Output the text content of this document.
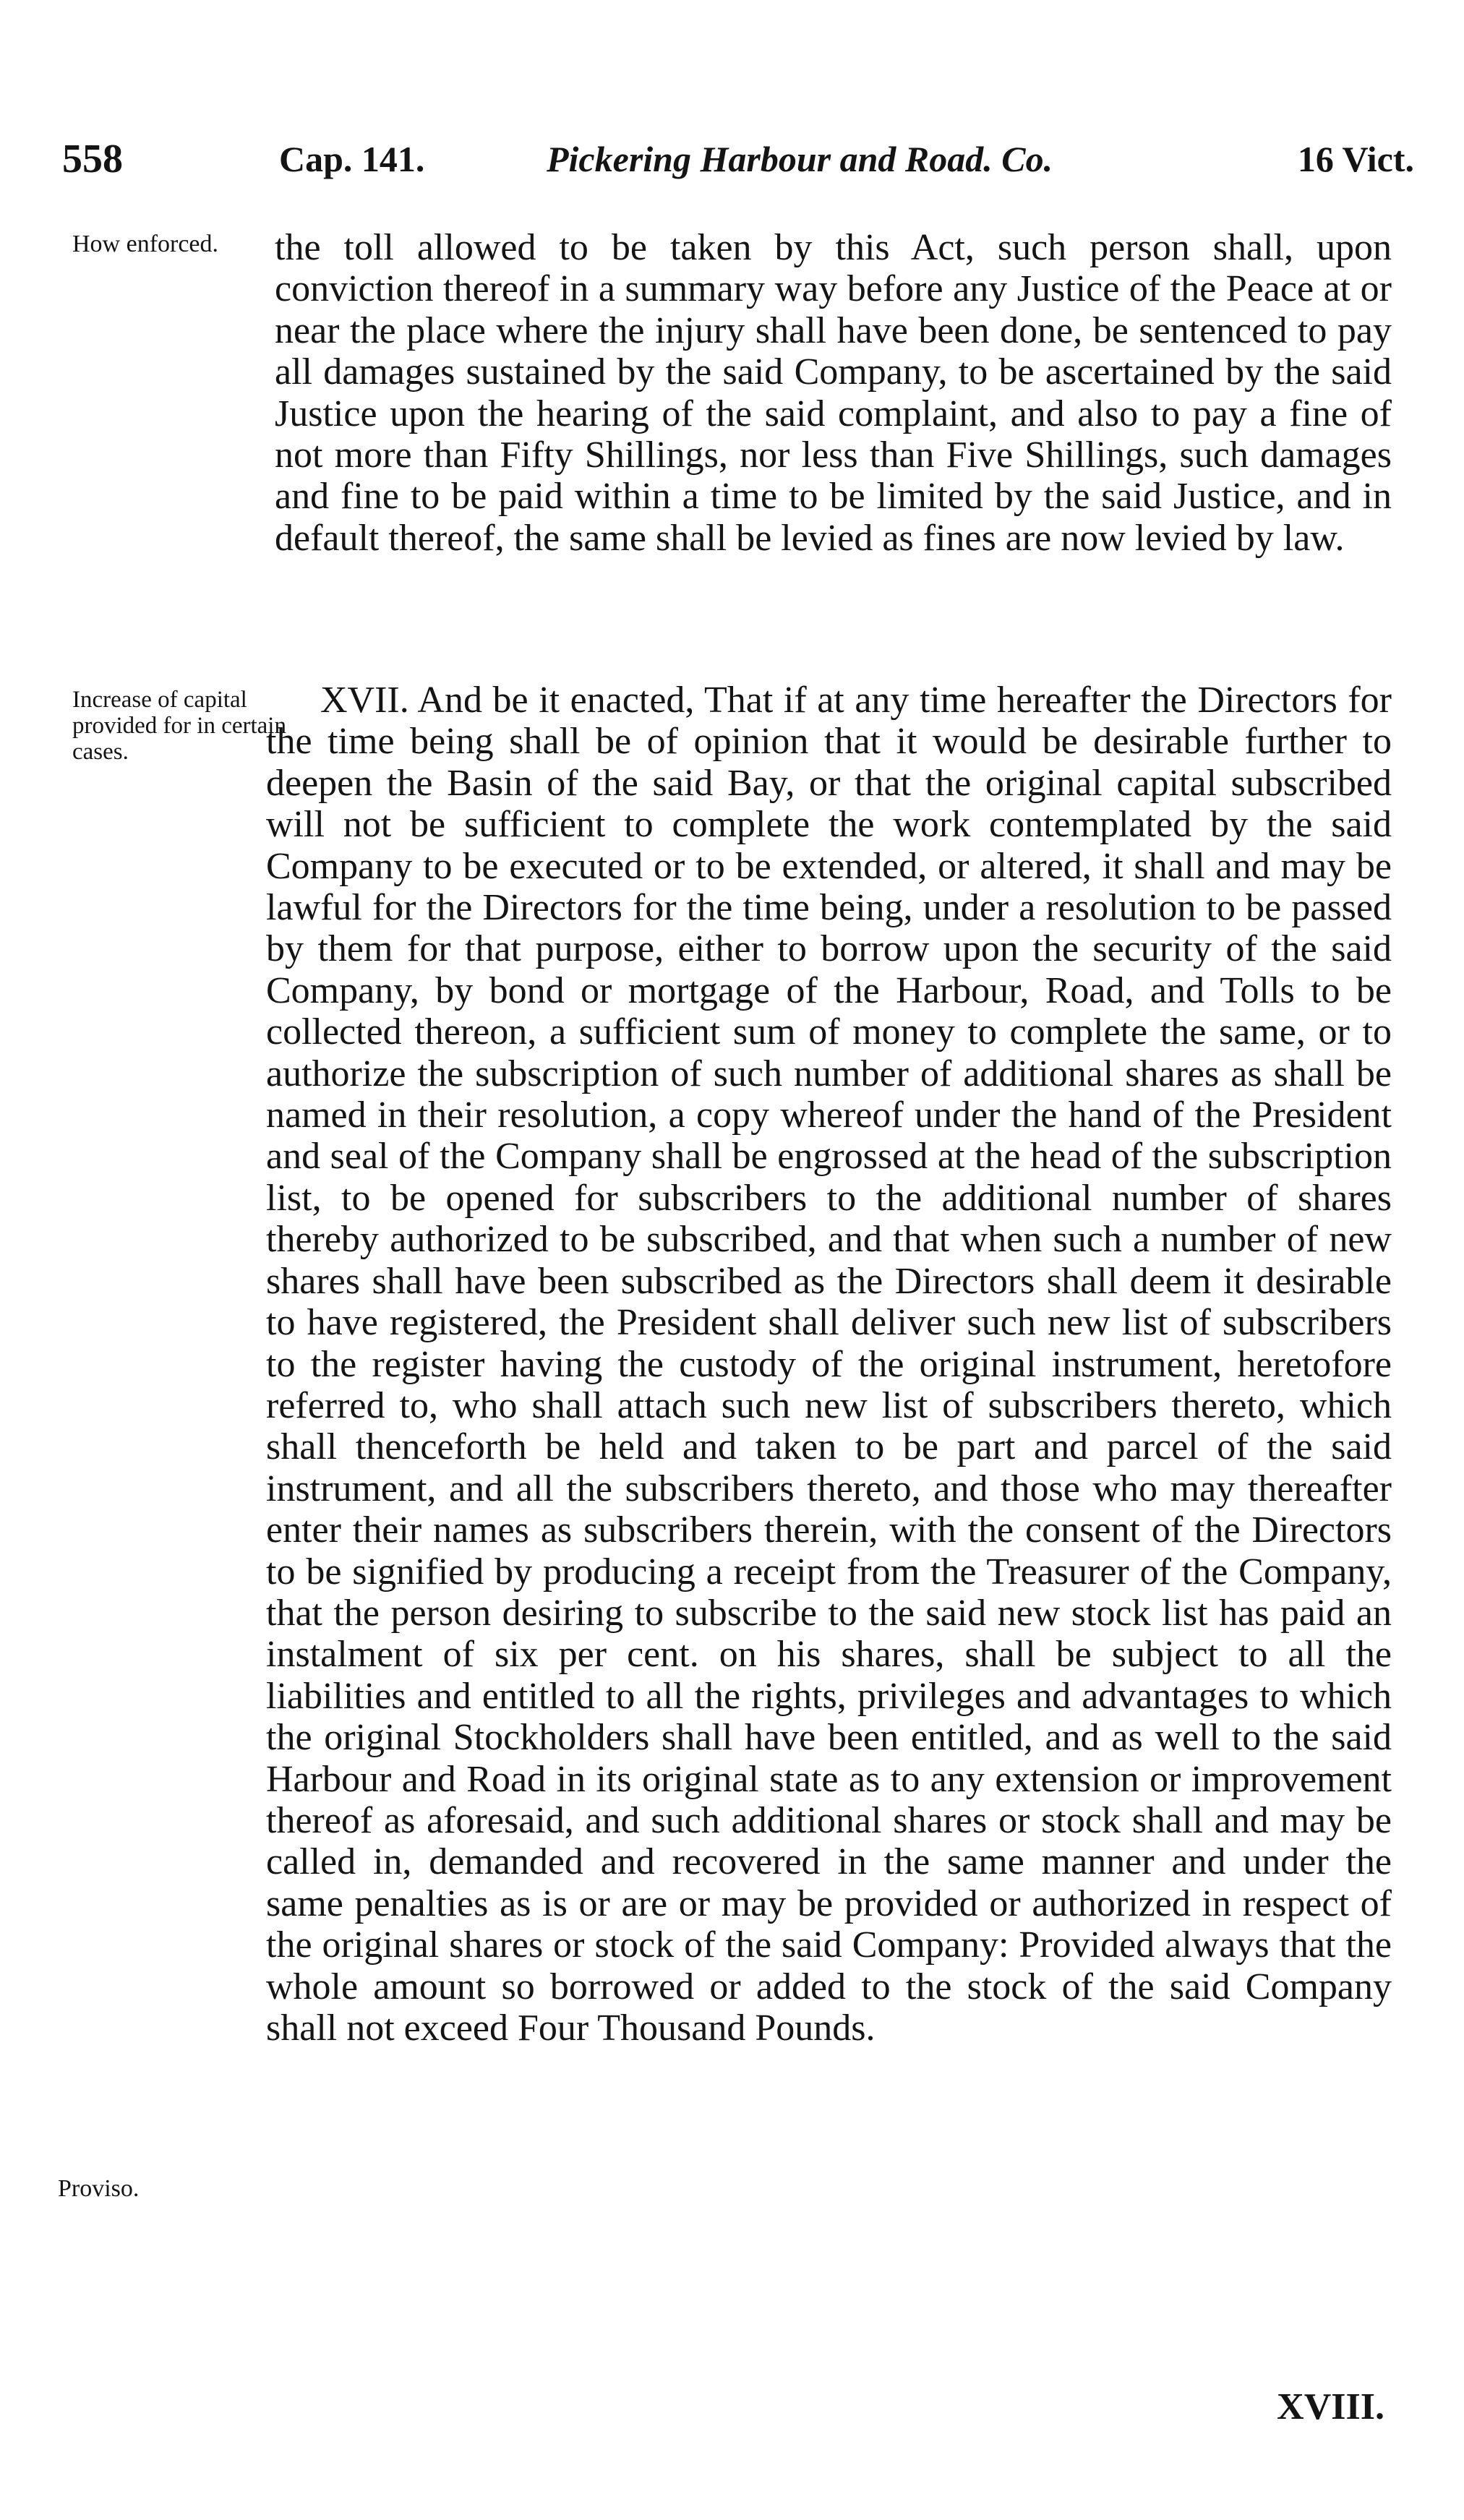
558	Cap. 141.	Pickering Harbour and Road. Co.	16 Vict.
How enforced.
Increase of capital provided for in certain cases.
Proviso.

the toll allowed to be taken by this Act, such person shall, upon conviction thereof in a summary way before any Justice of the Peace at or near the place where the injury shall have been done, be sentenced to pay all damages sustained by the said Company, to be ascertained by the said Justice upon the hearing of the said complaint, and also to pay a fine of not more than Fifty Shillings, nor less than Five Shillings, such damages and fine to be paid within a time to be limited by the said Justice, and in default thereof, the same shall be levied as fines are now levied by law.

XVII. And be it enacted, That if at any time hereafter the Directors for the time being shall be of opinion that it would be desirable further to deepen the Basin of the said Bay, or that the original capital subscribed will not be sufficient to complete the work contemplated by the said Company to be executed or to be extended, or altered, it shall and may be lawful for the Directors for the time being, under a resolution to be passed by them for that purpose, either to borrow upon the security of the said Company, by bond or mortgage of the Harbour, Road, and Tolls to be collected thereon, a sufficient sum of money to complete the same, or to authorize the subscription of such number of additional shares as shall be named in their resolution, a copy whereof under the hand of the President and seal of the Company shall be engrossed at the head of the subscription list, to be opened for subscribers to the additional number of shares thereby authorized to be subscribed, and that when such a number of new shares shall have been subscribed as the Directors shall deem it desirable to have registered, the President shall deliver such new list of subscribers to the register having the custody of the original instrument, heretofore referred to, who shall attach such new list of subscribers thereto, which shall thenceforth be held and taken to be part and parcel of the said instrument, and all the subscribers thereto, and those who may thereafter enter their names as subscribers therein, with the consent of the Directors to be signified by producing a receipt from the Treasurer of the Company, that the person desiring to subscribe to the said new stock list has paid an instalment of six per cent. on his shares, shall be subject to all the liabilities and entitled to all the rights, privileges and advantages to which the original Stockholders shall have been entitled, and as well to the said Harbour and Road in its original state as to any extension or improvement thereof as aforesaid, and such additional shares or stock shall and may be called in, demanded and recovered in the same manner and under the same penalties as is or are or may be provided or authorized in respect of the original shares or stock of the said Company: Provided always that the whole amount so borrowed or added to the stock of the said Company shall not exceed Four Thousand Pounds.

XVIII.
